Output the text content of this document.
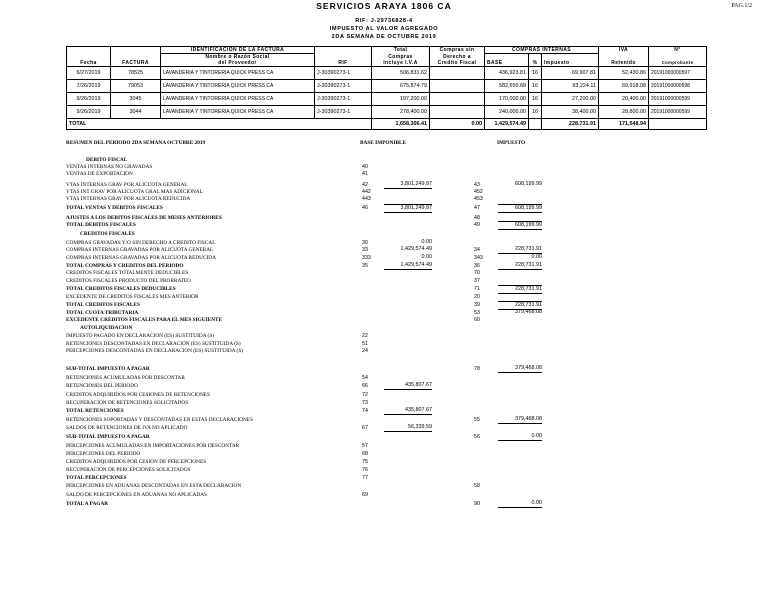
SERVICIOS ARAYA 1806 CA	PAG.1/2
RIF: J-29736828-4
IMPUESTO AL VALOR AGREGADO
2DA SEMANA DE OCTUBRE 2019
		IDENTIFICACION DE LA FACTURA		Total	Compras sin	COMPRAS INTERNAS			IVA	N°
		Nombre o Razón Social		Compras	Derecho a					
Fecha	FACTURA	del Proveedor	RIF	incluye I.V.A	Credito Fiscal	BASE	%	Impuesto	Retenido	Comprobante
6/27/2019	78525	LAVANDERIA Y TINTORERIA QUICK PRESS CA	J-30390273-1	506,831.62		436,923.81	16	69,907.81	52,430.86	20191000000597
7/26/2019	79053	LAVANDERIA Y TINTORERIA QUICK PRESS CA	J-30390273-1	675,874.79		582,650.68	16	93,224.11	69,918.08	20191000000598
9/26/2019	3045	LAVANDERIA Y TINTORERIA QUICK PRESS CA	J-30390273-1	197,200.00		170,000.00	16	27,200.00	20,400.00	20191000000599
9/26/2019	3044	LAVANDERIA Y TINTORERIA QUICK PRESS CA	J-30390273-1	278,400.00		240,000.00	16	38,400.00	28,800.00	20191000000599
TOTAL				1,658,306.41	0.00	1,429,574.49		228,731.91	171,548.94	
RESUMEN DEL PERIODO 2DA SEMANA OCTUBRE 2019	BASE IMPONIBLE	IMPUESTO
DEBITO FISCAL
VENTAS INTERNAS NO GRAVADAS	40
VENTAS DE EXPORTACION	41
VTAS INTERNAS GRAV POR ALICUOTA GENERAL	42	3,801,249.97	43	608,199.99
VTAS INT GRAV POR ALICUOTA GRAL MAS ADICIONAL	442	452
VTAS INTERNAS GRAV POR ALICUOTA REDUCIDA	443	453
TOTAL VENTAS Y DEBITOS FISCALES	46	3,801,249.97	47	608,199.99
AJUSTES A LOS DEBITOS FISCALES DE MESES ANTERIORES	48
TOTAL DEBITOS FISCALES	49	608,199.99
CREDITOS FISCALES
COMPRAS GRAVADAS Y/O SIN DERECHO A CREDITO FISCAL	30	0.00
COMPRAS INTERNAS GRAVADAS POR ALICUOTA GENERAL	33	1,429,574.49	34	228,731.91
COMPRAS INTERNAS GRAVADAS POR ALICUOTA REDUCIDA	333	0.00	343	0.00
TOTAL COMPRAS Y CREDITOS DEL PERIODO	35	1,429,574.49	36	228,731.91
CREDITOS FISCALES TOTALMENTE DEDUCIBLES	70
CREDITOS FISCALES PRODUCTO DEL PRORRATEO	37
TOTAL CREDITOS FISCALES DEDUCIBLES	71	228,731.91
EXCEDENTE DE CREDITOS FISCALES MES ANTERIOR	20
TOTAL CREDITOS FISCALES	39	228,731.91
TOTAL CUOTA TRIBUTARIA	53	379,468.08
EXCEDENTE CREDITOS FISCALES PARA EL MES SIGUIENTE	60
AUTOLIQUIDACION
IMPUESTO PAGADO EN DECLARACION (ES) SUSTITUIDA (S)	22
RETENCIONES DESCONTADAS EN DECLARACION (ES) SUSTITUIDA (S)	51
PERCEPCIONES DESCONTADAS EN DECLARACION (ES) SUSTITUIDA (S)	24
SUB-TOTAL IMPUESTO A PAGAR	78	379,468.08
RETENCIONES ACUMULADAS POR DESCONTAR	54
RETENCIONES DEL PERIODO	66	435,807.67
CREDITOS ADQUIRIDOS POR CESIONES DE RETENCIONES	72
RECUPERACION DE RETENCIONES SOLICITADOS	73
TOTAL RETENCIONES	74	435,807.67
RETENCIONES SOPORTADAS Y DESCONTADAS EN ESTAS DECLARACIONES	55	379,468.08
SALDOS DE RETENCIONES DE IVA NO APLICADO	67	56,339.59
SUB-TOTAL IMPUESTO A PAGAR	56	0.00
PERCEPCIONES ACUMULADAS EN IMPORTACIONES POR DESCONTAR	57
PERCEPCIONES DEL PERIODO	68
CREDITOS ADQUIRIDOS POR CESION DE PERCEPCIONES	75
RECUPERACION DE PERCEPCIONES SOLICITADOS	76
TOTAL PERCEPCIONES	77
PERCEPCIONES EN ADUANAS DESCONTADAS EN ESTA DECLARACION	58
SALDO DE PERCEPCIONES EN ADUANAS NO APLICADAS	69
TOTAL A PAGAR	90	0.00
